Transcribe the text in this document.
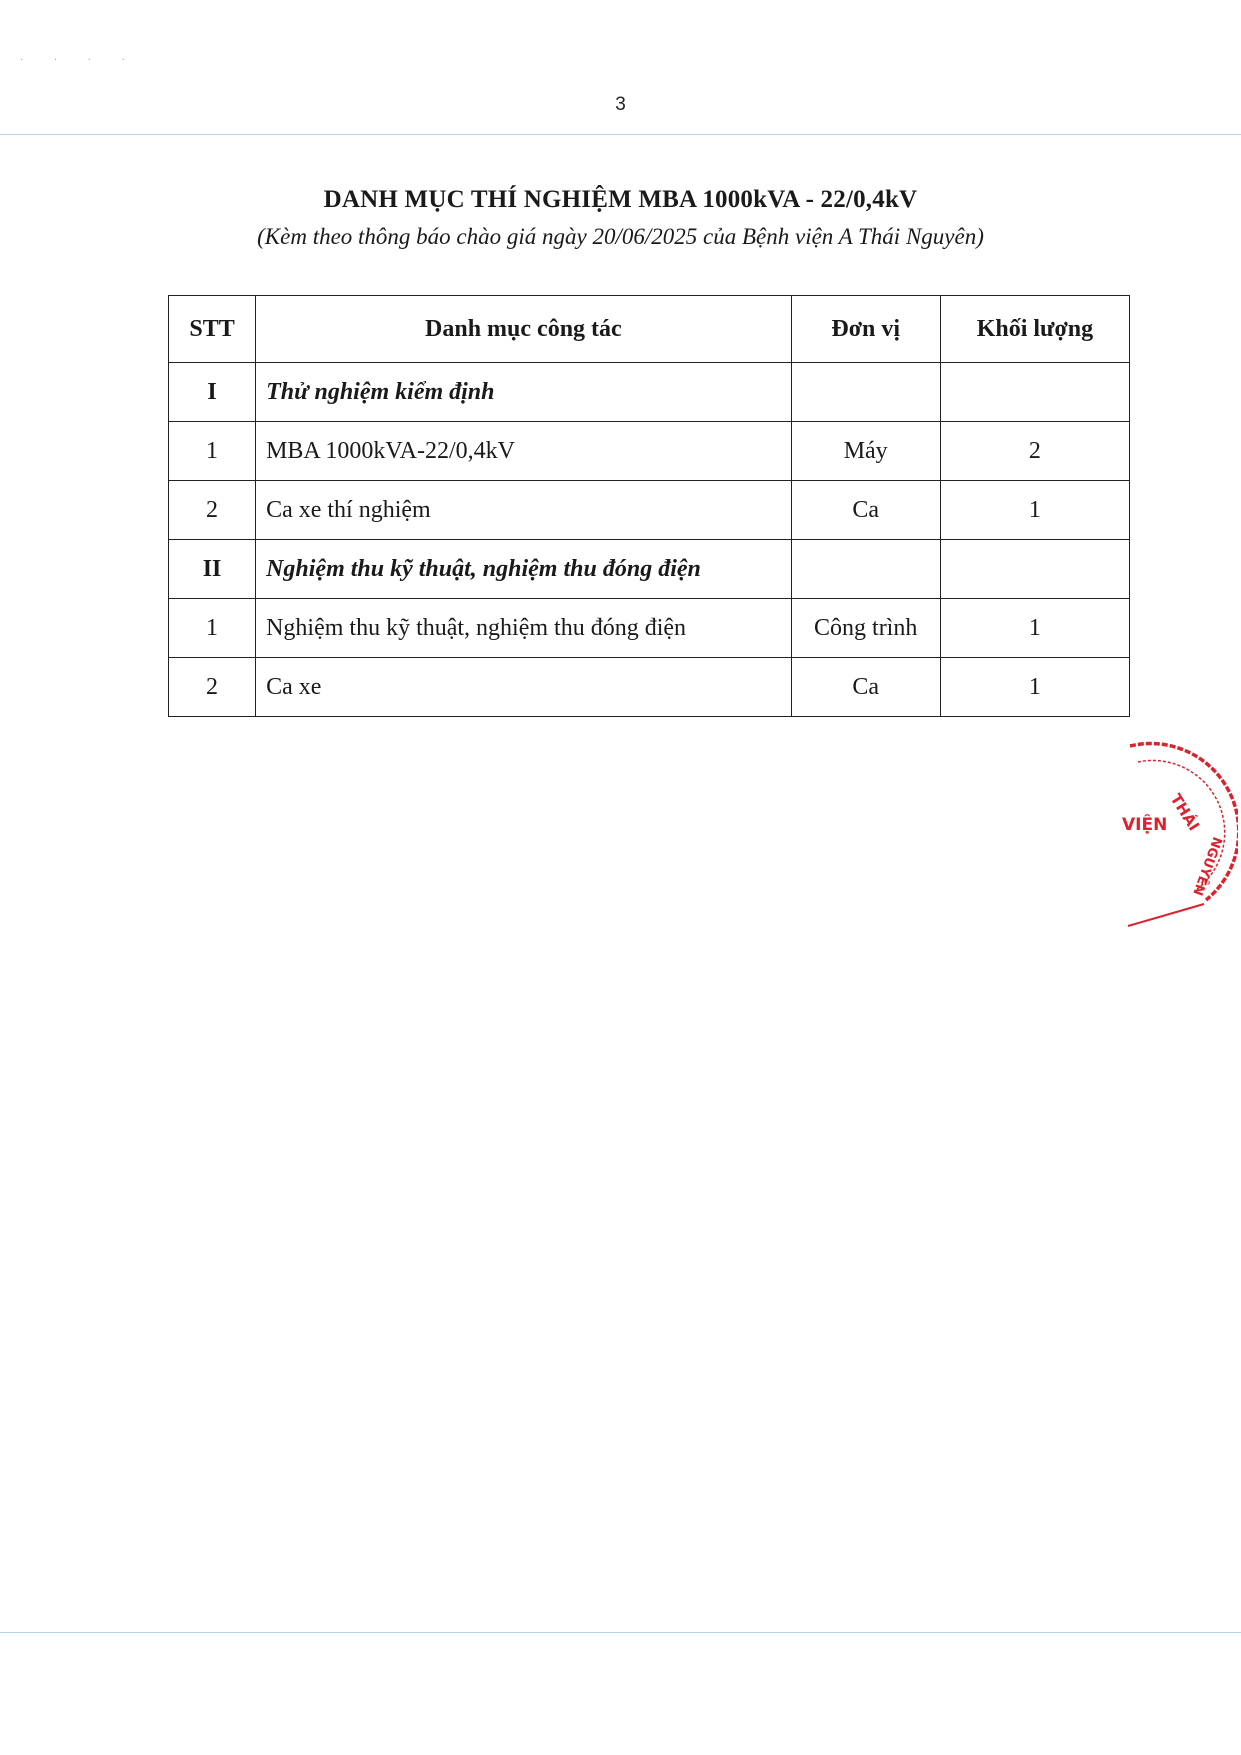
· · · ·
3
DANH MỤC THÍ NGHIỆM MBA 1000kVA - 22/0,4kV
(Kèm theo thông báo chào giá ngày 20/06/2025 của Bệnh viện A Thái Nguyên)
STT	Danh mục công tác	Đơn vị	Khối lượng
I	Thử nghiệm kiểm định		
1	MBA 1000kVA-22/0,4kV	Máy	2
2	Ca xe thí nghiệm	Ca	1
II	Nghiệm thu kỹ thuật, nghiệm thu đóng điện		
1	Nghiệm thu kỹ thuật, nghiệm thu đóng điện	Công trình	1
2	Ca xe	Ca	1
THÁI
VIỆN
NGUYÊN
